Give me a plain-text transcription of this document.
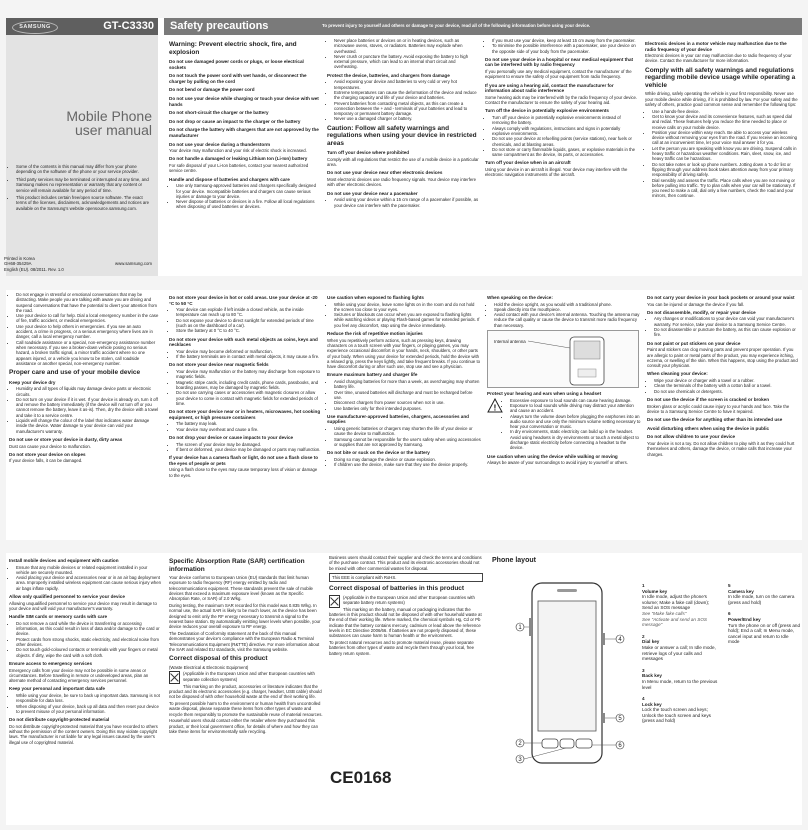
SAMSUNG	GT-C3330
Mobile Phone
user manual
• Some of the contents in this manual may differ from your phone depending on the software of the phone or your service provider.
• Third party services may be terminated or interrupted at any time, and Samsung makes no representation or warranty that any content or service will remain available for any period of time.
• This product includes certain free/open source software. The exact terms of the licenses, disclaimers, acknowledgements and notices are available on the Samsung's website opensource.samsung.com.
www.samsung.com
Safety precautions	To prevent injury to yourself and others or damage to your device, read all of the following information before using your device.
Warning: Prevent electric shock, fire, and explosion
Do not use damaged power cords or plugs, or loose electrical sockets
Do not touch the power cord with wet hands, or disconnect the charger by pulling on the cord
Do not bend or damage the power cord
Do not use your device while charging or touch your device with wet hands
Do not short-circuit the charger or the battery
Do not drop or cause an impact to the charger or the battery
Do not charge the battery with chargers that are not approved by the manufacturer
Do not use your device during a thunderstorm

Your device may malfunction and your risk of electric shock is increased.

Do not handle a damaged or leaking Lithium Ion (Li-Ion) battery

For safe disposal of your Li-Ion batteries, contact your nearest authorized service centre.

Handle and dispose of batteries and chargers with care
• Use only Samsung-approved batteries and chargers specifically designed for your device. Incompatible batteries and chargers can cause serious injuries or damage to your device.
• Never dispose of batteries or devices in a fire. Follow all local regulations when disposing of used batteries or devices.
• Never place batteries or devices on or in heating devices, such as microwave ovens, stoves, or radiators. Batteries may explode when overheated.
• Never crush or puncture the battery. Avoid exposing the battery to high external pressure, which can lead to an internal short circuit and overheating.
Protect the device, batteries, and chargers from damage
• Avoid exposing your device and batteries to very cold or very hot temperatures.
• Extreme temperatures can cause the deformation of the device and reduce the charging capacity and life of your device and batteries.
• Prevent batteries from contacting metal objects, as this can create a connection between the + and - terminals of your batteries and lead to temporary or permanent battery damage.
• Never use a damaged charger or battery.
Caution: Follow all safety warnings and regulations when using your device in restricted areas
Turn off your device where prohibited

Comply with all regulations that restrict the use of a mobile device in a particular area.

Do not use your device near other electronic devices

Most electronic devices use radio frequency signals. Your device may interfere with other electronic devices.

Do not use your device near a pacemaker
• Avoid using your device within a 15 cm range of a pacemaker if possible, as your device can interfere with the pacemaker.
• If you must use your device, keep at least 15 cm away from the pacemaker.
• To minimise the possible interference with a pacemaker, use your device on the opposite side of your body from the pacemaker.
Do not use your device in a hospital or near medical equipment that can be interfered with by radio frequency

If you personally use any medical equipment, contact the manufacturer of the equipment to ensure the safety of your equipment from radio frequency.

If you are using a hearing aid, contact the manufacturer for information about radio interference

Some hearing aids may be interfered with by the radio frequency of your device. Contact the manufacturer to ensure the safety of your hearing aid.

Turn off the device in potentially explosive environments
• Turn off your device in potentially explosive environments instead of removing the battery.
• Always comply with regulations, instructions and signs in potentially explosive environments.
• Do not use your device at refuelling points (service stations), near fuels or chemicals, and at blasting areas.
• Do not store or carry flammable liquids, gases, or explosive materials in the same compartment as the device, its parts, or accessories.
Turn off your device when in an aircraft

Using your device in an aircraft is illegal. Your device may interfere with the electronic navigation instruments of the aircraft.

Electronic devices in a motor vehicle may malfunction due to the radio frequency of your device

Electronic devices in your car may malfunction due to radio frequency of your device. Contact the manufacturer for more information.

Comply with all safety warnings and regulations regarding mobile device usage while operating a vehicle

While driving, safely operating the vehicle is your first responsibility. Never use your mobile device while driving, if it is prohibited by law. For your safety and the safety of others, practice good common sense and remember the following tips:

• Use a hands-free device.
• Get to know your device and its convenience features, such as speed dial and redial. These features help you reduce the time needed to place or receive calls on your mobile device.
• Position your device within easy reach. Be able to access your wireless device without removing your eyes from the road. If you receive an incoming call at an inconvenient time, let your voice mail answer it for you.
• Let the person you are speaking with know you are driving. Suspend calls in heavy traffic or hazardous weather conditions. Rain, sleet, snow, ice, and heavy traffic can be hazardous.
• Do not take notes or look up phone numbers. Jotting down a 'to do' list or flipping through your address book takes attention away from your primary responsibility of driving safely.
• Dial sensibly and assess the traffic. Place calls when you are not moving or before pulling into traffic. Try to plan calls when your car will be stationary. If you need to make a call, dial only a few numbers, check the road and your mirrors, then continue.
Printed in Korea
GH68-35429A
English (EU). 08/2011. Rev. 1.0
• Do not engage in stressful or emotional conversations that may be distracting. Make people you are talking with aware you are driving and suspend conversations that have the potential to divert your attention from the road.
• Use your device to call for help. Dial a local emergency number in the case of fire, traffic accident, or medical emergencies.
• Use your device to help others in emergencies. If you see an auto accident, a crime in progress, or a serious emergency where lives are in danger, call a local emergency number.
• Call roadside assistance or a special, non-emergency assistance number when necessary. If you see a broken-down vehicle posing no serious hazard, a broken traffic signal, a minor traffic accident where no one appears injured, or a vehicle you know to be stolen, call roadside assistance or another special, non-emergency number.
Proper care and use of your mobile device
Keep your device dry
• Humidity and all types of liquids may damage device parts or electronic circuits.
• Do not turn on your device if it is wet. If your device is already on, turn it off and remove the battery immediately (if the device will not turn off or you cannot remove the battery, leave it as-is). Then, dry the device with a towel and take it to a service centre.
• Liquids will change the colour of the label that indicates water damage inside the device. Water damage to your device can void your manufacturer's warranty.
Do not use or store your device in dusty, dirty areas

Dust can cause your device to malfunction.

Do not store your device on slopes

If your device falls, it can be damaged.

Do not store your device in hot or cold areas. Use your device at -20 °C to 50 °C
• Your device can explode if left inside a closed vehicle, as the inside temperature can reach up to 80 °C.
• Do not expose your device to direct sunlight for extended periods of time (such as on the dashboard of a car).
• Store the battery at 0 °C to 40 °C.
Do not store your device with such metal objects as coins, keys and necklaces
• Your device may become deformed or malfunction.
• If the battery terminals are in contact with metal objects, it may cause a fire.
Do not store your device near magnetic fields
• Your device may malfunction or the battery may discharge from exposure to magnetic fields.
• Magnetic stripe cards, including credit cards, phone cards, passbooks, and boarding passes, may be damaged by magnetic fields.
• Do not use carrying cases or accessories with magnetic closures or allow your device to come in contact with magnetic fields for extended periods of time.
Do not store your device near or in heaters, microwaves, hot cooking equipment, or high pressure containers
• The battery may leak.
• Your device may overheat and cause a fire.
Do not drop your device or cause impacts to your device
• The screen of your device may be damaged.
• If bent or deformed, your device may be damaged or parts may malfunction.
If your device has a camera flash or light, do not use a flash close to the eyes of people or pets

Using a flash close to the eyes may cause temporary loss of vision or damage to the eyes.

Use caution when exposed to flashing lights
• While using your device, leave some lights on in the room and do not hold the screen too close to your eyes.
• Seizures or blackouts can occur when you are exposed to flashing lights while watching videos or playing Flash-based games for extended periods. If you feel any discomfort, stop using the device immediately.
Reduce the risk of repetitive motion injuries

When you repetitively perform actions, such as pressing keys, drawing characters on a touch screen with your fingers, or playing games, you may experience occasional discomfort in your hands, neck, shoulders, or other parts of your body. When using your device for extended periods, hold the device with a relaxed grip, press the keys lightly, and take frequent breaks. If you continue to have discomfort during or after such use, stop use and see a physician.

Ensure maximum battery and charger life
• Avoid charging batteries for more than a week, as overcharging may shorten battery life.
• Over time, unused batteries will discharge and must be recharged before use.
• Disconnect chargers from power sources when not in use.
• Use batteries only for their intended purposes.
Use manufacturer-approved batteries, chargers, accessories and supplies
• Using generic batteries or chargers may shorten the life of your device or cause the device to malfunction.
• Samsung cannot be responsible for the user's safety when using accessories or supplies that are not approved by Samsung.
Do not bite or suck on the device or the battery
• Doing so may damage the device or cause explosion.
• If children use the device, make sure that they use the device properly.
When speaking on the device:
• Hold the device upright, as you would with a traditional phone.
• Speak directly into the mouthpiece.
• Avoid contact with your device's internal antenna. Touching the antenna may reduce the call quality or cause the device to transmit more radio frequency than necessary.
Internal antenna
Protect your hearing and ears when using a headset
!
• Excessive exposure to loud sounds can cause hearing damage.
• Exposure to loud sounds while driving may distract your attention and cause an accident.
• Always turn the volume down before plugging the earphones into an audio source and use only the minimum volume setting necessary to hear your conversation or music.
• In dry environments, static electricity can build up in the headset. Avoid using headsets in dry environments or touch a metal object to discharge static electricity before connecting a headset to the device.
Use caution when using the device while walking or moving

Always be aware of your surroundings to avoid injury to yourself or others.

Do not carry your device in your back pockets or around your waist

You can be injured or damage the device if you fall.

Do not disassemble, modify, or repair your device
• Any changes or modifications to your device can void your manufacturer's warranty. For service, take your device to a Samsung Service Centre.
• Do not disassemble or puncture the battery, as this can cause explosion or fire.
Do not paint or put stickers on your device

Paint and stickers can clog moving parts and prevent proper operation. If you are allergic to paint or metal parts of the product, you may experience itching, eczema, or swelling of the skin. When this happens, stop using the product and consult your physician.

When cleaning your device:
• Wipe your device or charger with a towel or a rubber.
• Clean the terminals of the battery with a cotton ball or a towel.
• Do not use chemicals or detergents.
Do not use the device if the screen is cracked or broken

Broken glass or acrylic could cause injury to your hands and face. Take the device to a Samsung Service Centre to have it repaired.

Do not use the device for anything other than its intended use
Avoid disturbing others when using the device in public
Do not allow children to use your device

Your device is not a toy. Do not allow children to play with it as they could hurt themselves and others, damage the device, or make calls that increase your charges.

Install mobile devices and equipment with caution
• Ensure that any mobile devices or related equipment installed in your vehicle are securely mounted.
• Avoid placing your device and accessories near or in an air bag deployment area. Improperly installed wireless equipment can cause serious injury when air bags inflate rapidly.
Allow only qualified personnel to service your device

Allowing unqualified personnel to service your device may result in damage to your device and will void your manufacturer's warranty.

Handle SIM cards or memory cards with care
• Do not remove a card while the device is transferring or accessing information, as this could result in loss of data and/or damage to the card or device.
• Protect cards from strong shocks, static electricity, and electrical noise from other devices.
• Do not touch gold-coloured contacts or terminals with your fingers or metal objects. If dirty, wipe the card with a soft cloth.
Ensure access to emergency services

Emergency calls from your device may not be possible in some areas or circumstances. Before travelling in remote or undeveloped areas, plan an alternate method of contacting emergency services personnel.

Keep your personal and important data safe
• While using your device, be sure to back up important data. Samsung is not responsible for data loss.
• When disposing of your device, back up all data and then reset your device to prevent misuse of your personal information.
Do not distribute copyright-protected material

Do not distribute copyright-protected material that you have recorded to others without the permission of the content owners. Doing this may violate copyright laws. The manufacturer is not liable for any legal issues caused by the user's illegal use of copyrighted material.

Specific Absorption Rate (SAR) certification information

Your device conforms to European Union (EU) standards that limit human exposure to radio frequency (RF) energy emitted by radio and telecommunications equipment. These standards prevent the sale of mobile devices that exceed a maximum exposure level (known as the Specific Absorption Rate, or SAR) of 2.0 W/kg.

During testing, the maximum SAR recorded for this model was 0.835 W/kg. In normal use, the actual SAR is likely to be much lower, as the device has been designed to emit only the RF energy necessary to transmit a signal to the nearest base station. By automatically emitting lower levels when possible, your device reduces your overall exposure to RF energy.

The Declaration of Conformity statement at the back of this manual demonstrates your device's compliance with the European Radio & Terminal Telecommunications Equipment (R&TTE) directive. For more information about the SAR and related EU standards, visit the Samsung website.

Correct disposal of this product

(Waste Electrical & Electronic Equipment)

(Applicable in the European Union and other European countries with separate collection systems)

This marking on the product, accessories or literature indicates that the product and its electronic accessories (e.g. charger, headset, USB cable) should not be disposed of with other household waste at the end of their working life.

To prevent possible harm to the environment or human health from uncontrolled waste disposal, please separate these items from other types of waste and recycle them responsibly to promote the sustainable reuse of material resources.

Household users should contact either the retailer where they purchased this product, or their local government office, for details of where and how they can take these items for environmentally safe recycling.

Business users should contact their supplier and check the terms and conditions of the purchase contract. This product and its electronic accessories should not be mixed with other commercial wastes for disposal.

This EEE is compliant with RoHS.
Correct disposal of batteries in this product

(Applicable in the European Union and other European countries with separate battery return systems)

This marking on the battery, manual or packaging indicates that the batteries in this product should not be disposed of with other household waste at the end of their working life. Where marked, the chemical symbols Hg, Cd or Pb indicate that the battery contains mercury, cadmium or lead above the reference levels in EC Directive 2006/66. If batteries are not properly disposed of, these substances can cause harm to human health or the environment.

To protect natural resources and to promote material reuse, please separate batteries from other types of waste and recycle them through your local, free battery return system.

CE0168
Phone layout
1
2
3
4
5
6
1
Volume key
In Idle mode, adjust the phone's volume; Make a fake call (down); Send an SOS message
See "Make fake calls"
See "Activate and send an SOS message"
2
Dial key
Make or answer a call; In Idle mode, retrieve logs of your calls and messages
3
Back key
In Menu mode, return to the previous level
4
Lock key
Lock the touch screen and keys; Unlock the touch screen and keys (press and hold)
5
Camera key
In Idle mode, turn on the camera (press and hold)
6
Power/End key
Turn the phone on or off (press and hold); End a call; In Menu mode, cancel input and return to Idle mode
